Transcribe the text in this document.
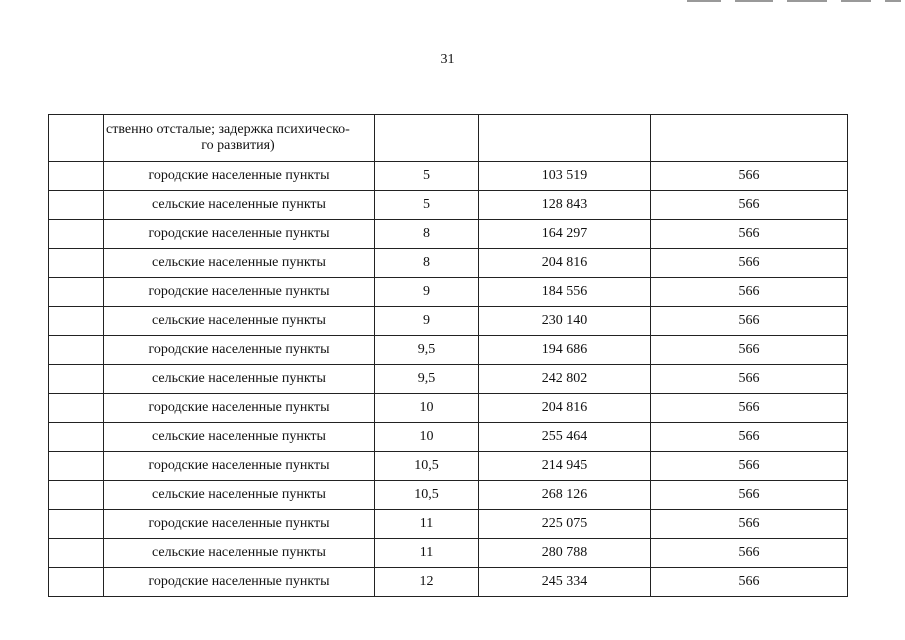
31

	ственно отсталые; задержка психическо-
го развития)			

	городские населенные пункты	5	103 519	566
	сельские населенные пункты	5	128 843	566
	городские населенные пункты	8	164 297	566
	сельские населенные пункты	8	204 816	566
	городские населенные пункты	9	184 556	566
	сельские населенные пункты	9	230 140	566
	городские населенные пункты	9,5	194 686	566
	сельские населенные пункты	9,5	242 802	566
	городские населенные пункты	10	204 816	566
	сельские населенные пункты	10	255 464	566
	городские населенные пункты	10,5	214 945	566
	сельские населенные пункты	10,5	268 126	566
	городские населенные пункты	11	225 075	566
	сельские населенные пункты	11	280 788	566
	городские населенные пункты	12	245 334	566
